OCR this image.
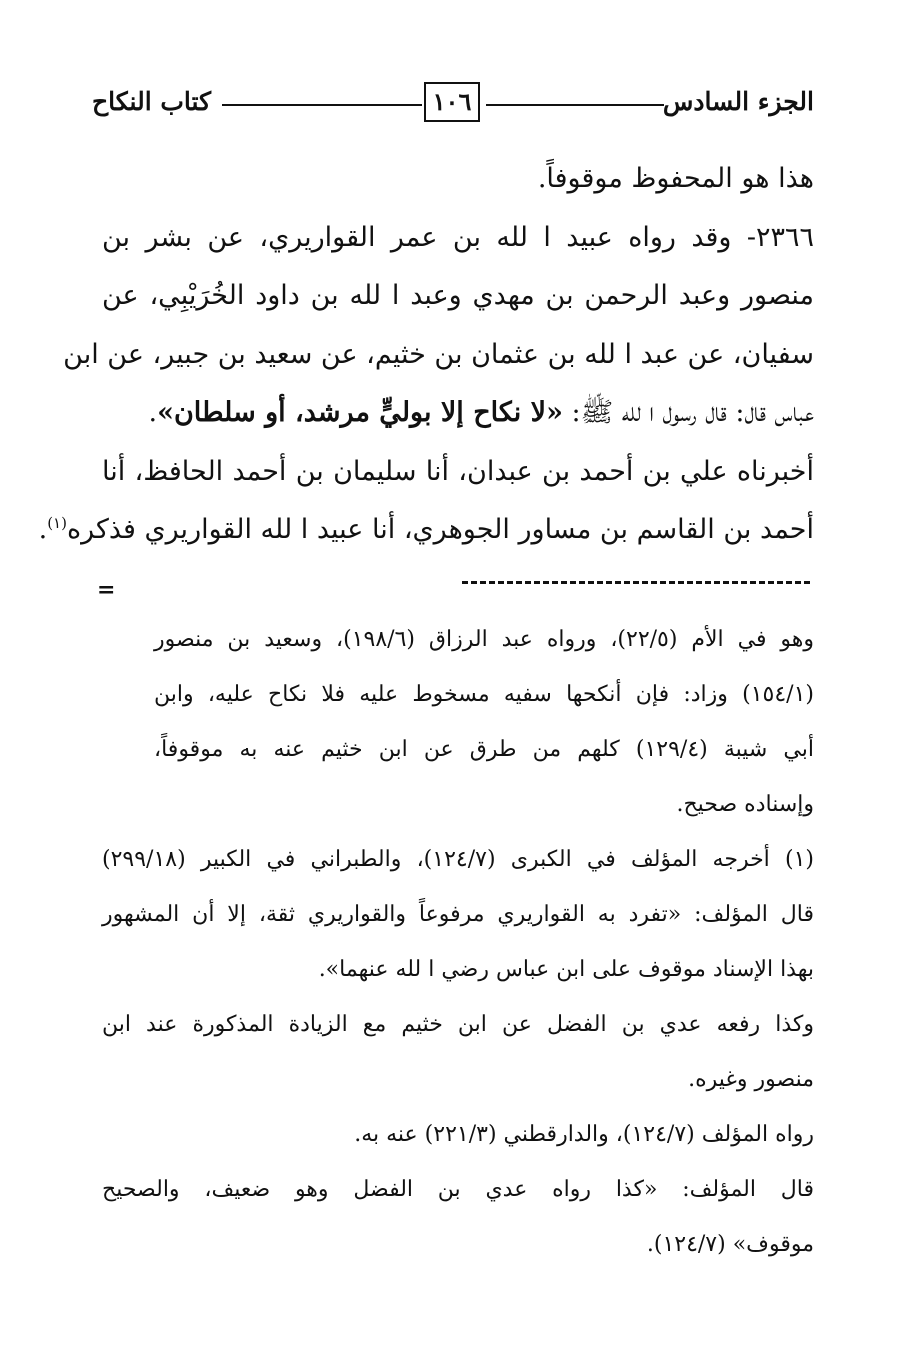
الجزء السادس
١٠٦
كتاب النكاح
هذا هو المحفوظ موقوفاً.
٢٣٦٦- وقد رواه عبيد ا لله بن عمر القواريري، عن بشر بن
منصور وعبد الرحمن بن مهدي وعبد ا لله بن داود الخُرَيْبِي، عن
سفيان، عن عبد ا لله بن عثمان بن خثيم، عن سعيد بن جبير، عن ابن
عباس قال: قال رسول ا لله ﷺ: «لا نكاح إلا بوليٍّ مرشد، أو سلطان».
أخبرناه علي بن أحمد بن عبدان، أنا سليمان بن أحمد الحافظ، أنا
أحمد بن القاسم بن مساور الجوهري، أنا عبيد ا لله القواريري فذكره$^{(١)}$.
=
وهو في الأم (٢٢/٥)، ورواه عبد الرزاق (١٩٨/٦)، وسعيد بن منصور
(١٥٤/١) وزاد: فإن أنكحها سفيه مسخوط عليه فلا نكاح عليه، وابن
أبي شيبة (١٢٩/٤) كلهم من طرق عن ابن خثيم عنه به موقوفاً،
وإسناده صحيح.
(١) أخرجه المؤلف في الكبرى (١٢٤/٧)، والطبراني في الكبير (٢٩٩/١٨)
قال المؤلف: «تفرد به القواريري مرفوعاً والقواريري ثقة، إلا أن المشهور
بهذا الإسناد موقوف على ابن عباس رضي ا لله عنهما».
وكذا رفعه عدي بن الفضل عن ابن خثيم مع الزيادة المذكورة عند ابن
منصور وغيره.
رواه المؤلف (١٢٤/٧)، والدارقطني (٢٢١/٣) عنه به.
قال المؤلف: «كذا رواه عدي بن الفضل وهو ضعيف، والصحيح
موقوف» (١٢٤/٧).
